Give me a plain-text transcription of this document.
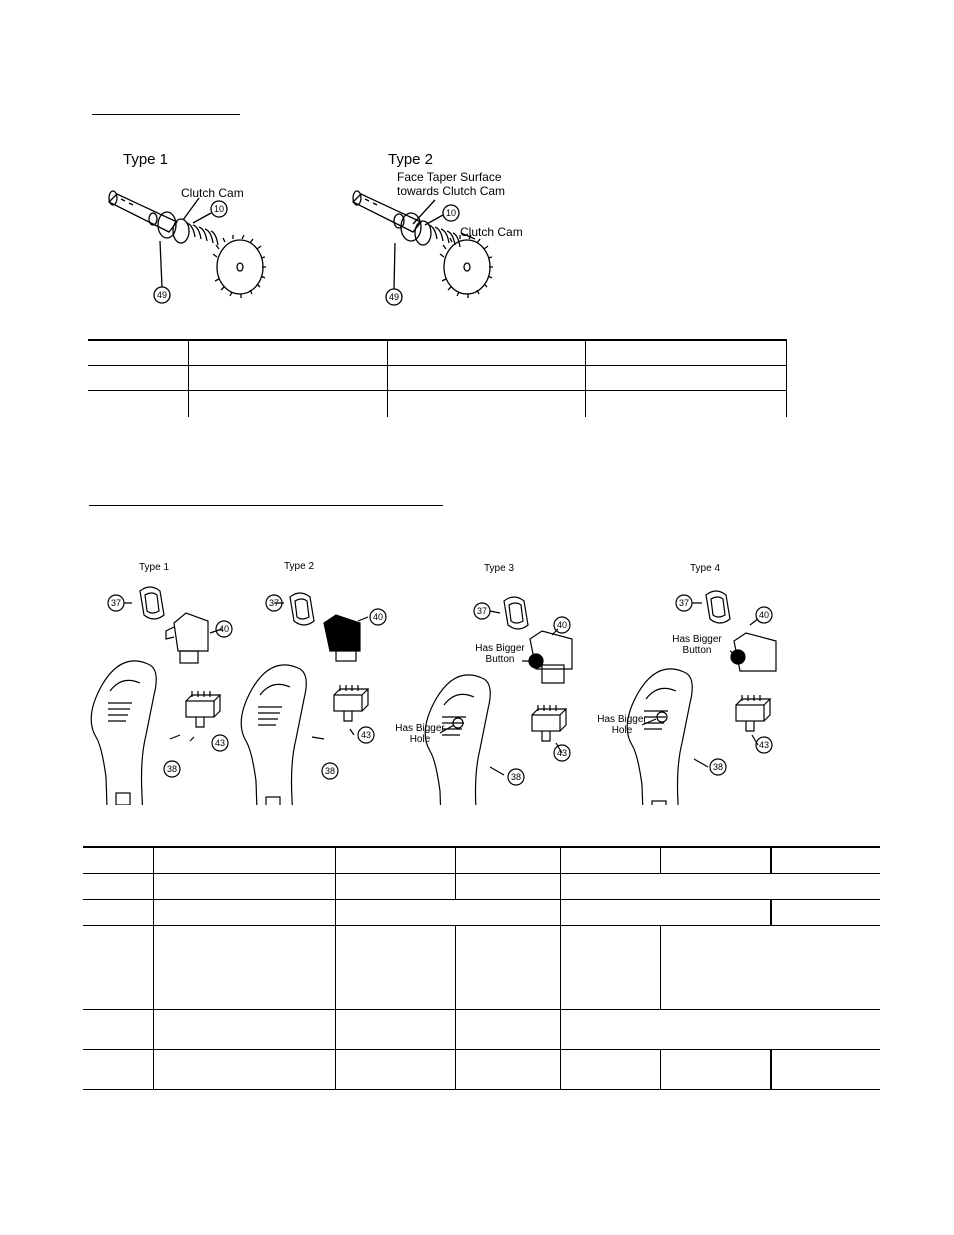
Type 1	Type 2
Clutch Cam
Face Taper Surface
towards Clutch Cam
Clutch Cam
10
49
10
49

Type 1	Type 2	Type 3	Type 4
Has Bigger
Button
Has Bigger
Hole
Has Bigger
Button
Has Bigger
Hole
37
40
43
38
37
40
43
38
37
40
43
38
37
40
43
38
